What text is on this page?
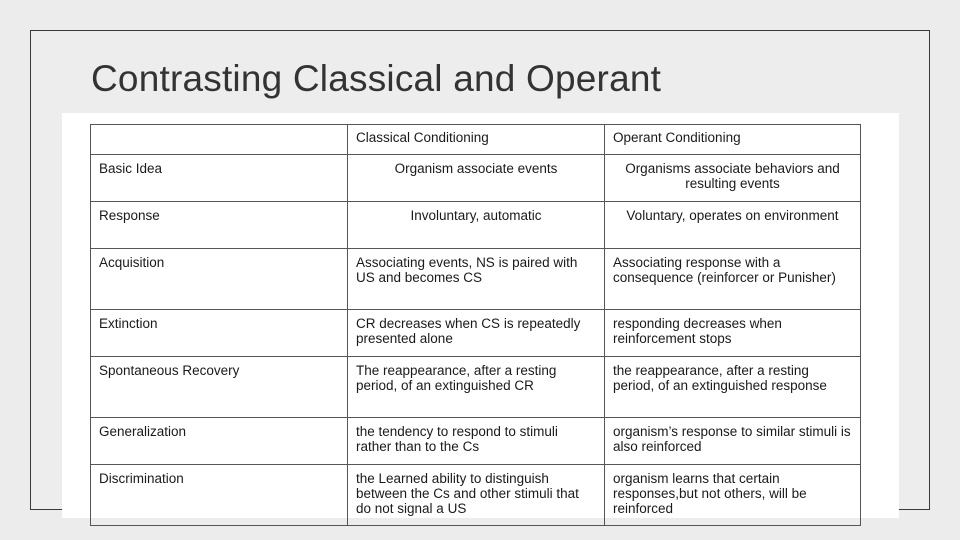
Contrasting Classical and Operant
	Classical Conditioning	Operant Conditioning
Basic Idea	Organism associate events	Organisms associate behaviors and resulting events
Response	Involuntary, automatic	Voluntary, operates on environment
Acquisition	Associating events, NS is paired with US and becomes CS	Associating response with a consequence (reinforcer or Punisher)
Extinction	CR decreases when CS is repeatedly presented alone	responding decreases when reinforcement stops
Spontaneous Recovery	The reappearance, after a resting period, of an extinguished CR	the reappearance, after a resting period, of an extinguished response
Generalization	the tendency to respond to stimuli rather than to the Cs	organism’s response to similar stimuli is also reinforced
Discrimination	the Learned ability to distinguish between the Cs and other stimuli that do not signal a US	organism learns that certain responses,but not others, will be reinforced
